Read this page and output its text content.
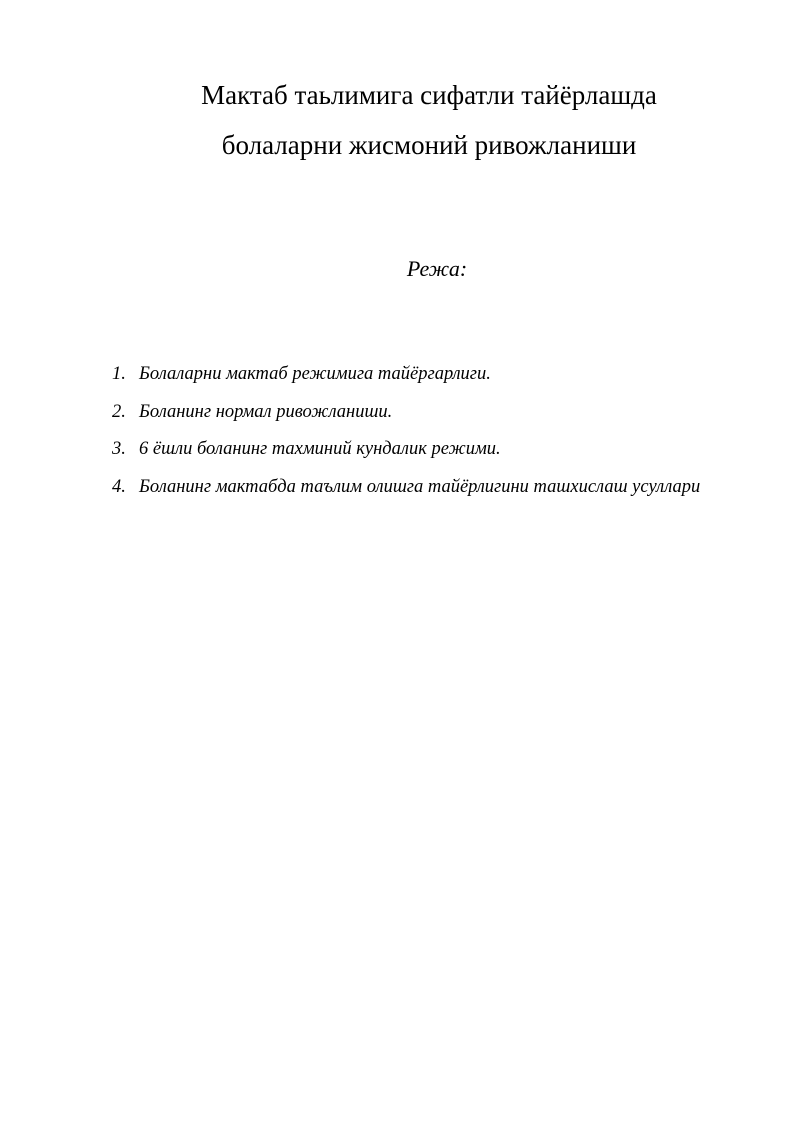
Мактаб таьлимига сифатли тайёрлашда
болаларни жисмоний ривожланиши
Режа:
1. Болаларни мактаб режимига тайёргарлиги.
2. Боланинг нормал ривожланиши.
3. 6 ёшли боланинг тахминий кундалик режими.
4. Боланинг мактабда таълим олишга тайёрлигини ташхислаш усуллари
